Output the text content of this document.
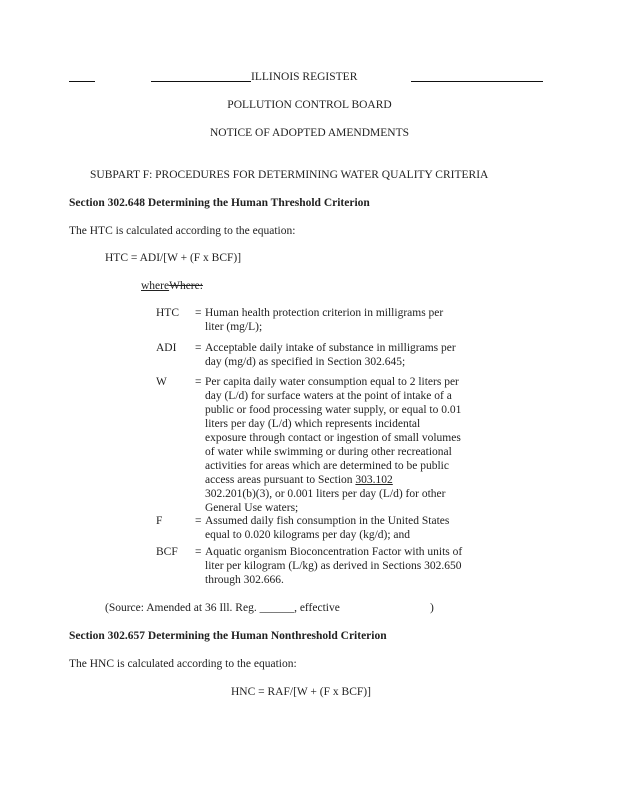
ILLINOIS REGISTER
POLLUTION CONTROL BOARD
NOTICE OF ADOPTED AMENDMENTS
SUBPART F: PROCEDURES FOR DETERMINING WATER QUALITY CRITERIA
Section 302.648 Determining the Human Threshold Criterion
The HTC is calculated according to the equation:
HTC = ADI/[W + (F x BCF)]
whereWhere:
HTC	= Human health protection criterion in milligrams per
liter (mg/L);
ADI	= Acceptable daily intake of substance in milligrams per
day (mg/d) as specified in Section 302.645;
W	= Per capita daily water consumption equal to 2 liters per
day (L/d) for surface waters at the point of intake of a
public or food processing water supply, or equal to 0.01
liters per day (L/d) which represents incidental
exposure through contact or ingestion of small volumes
of water while swimming or during other recreational
activities for areas which are determined to be public
access areas pursuant to Section 303.102
302.201(b)(3), or 0.001 liters per day (L/d) for other
General Use waters;
F	= Assumed daily fish consumption in the United States
equal to 0.020 kilograms per day (kg/d); and
BCF	= Aquatic organism Bioconcentration Factor with units of
liter per kilogram (L/kg) as derived in Sections 302.650
through 302.666.
(Source: Amended at 36 Ill. Reg. ______, effective	)
Section 302.657 Determining the Human Nonthreshold Criterion
The HNC is calculated according to the equation:
HNC = RAF/[W + (F x BCF)]
